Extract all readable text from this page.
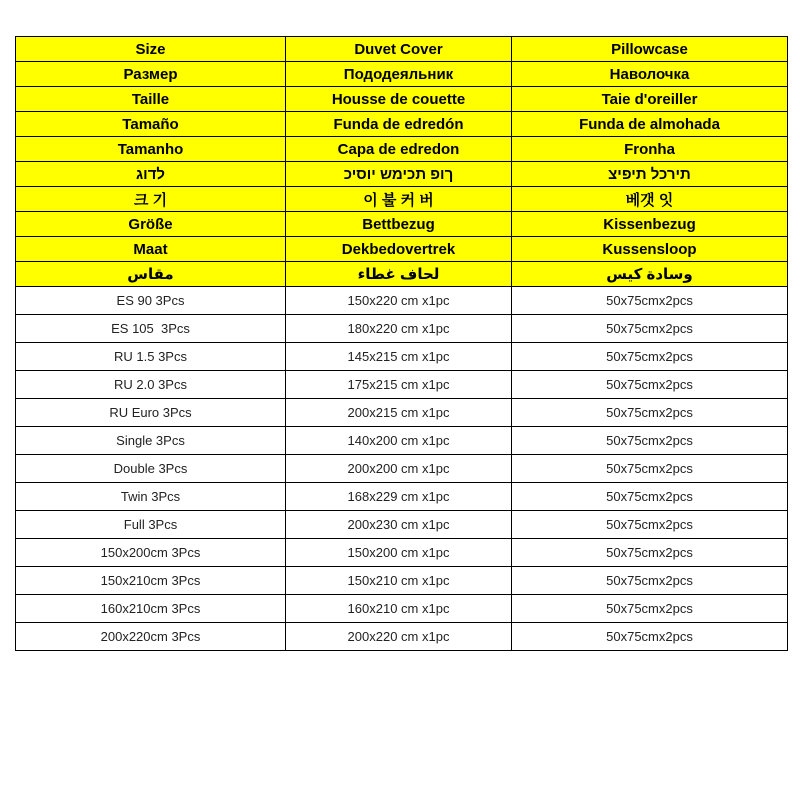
Size	Duvet Cover	Pillowcase
Размер	Пододеяльник	Наволочка
Taille	Housse de couette	Taie d'oreiller
Tamaño	Funda de edredón	Funda de almohada
Tamanho	Capa de edredon	Fronha
לדוג	ךופ תכימש יוסיכ	תירכל תיפיצ
크 기	이 불 커 버	베갯 잇
Größe	Bettbezug	Kissenbezug
Maat	Dekbedovertrek	Kussensloop
مقاس	لحاف غطاء	وسادة كيس
ES 90 3Pcs	150x220 cm x1pc	50x75cmx2pcs
ES 105  3Pcs	180x220 cm x1pc	50x75cmx2pcs
RU 1.5 3Pcs	145x215 cm x1pc	50x75cmx2pcs
RU 2.0 3Pcs	175x215 cm x1pc	50x75cmx2pcs
RU Euro 3Pcs	200x215 cm x1pc	50x75cmx2pcs
Single 3Pcs	140x200 cm x1pc	50x75cmx2pcs
Double 3Pcs	200x200 cm x1pc	50x75cmx2pcs
Twin 3Pcs	168x229 cm x1pc	50x75cmx2pcs
Full 3Pcs	200x230 cm x1pc	50x75cmx2pcs
150x200cm 3Pcs	150x200 cm x1pc	50x75cmx2pcs
150x210cm 3Pcs	150x210 cm x1pc	50x75cmx2pcs
160x210cm 3Pcs	160x210 cm x1pc	50x75cmx2pcs
200x220cm 3Pcs	200x220 cm x1pc	50x75cmx2pcs
